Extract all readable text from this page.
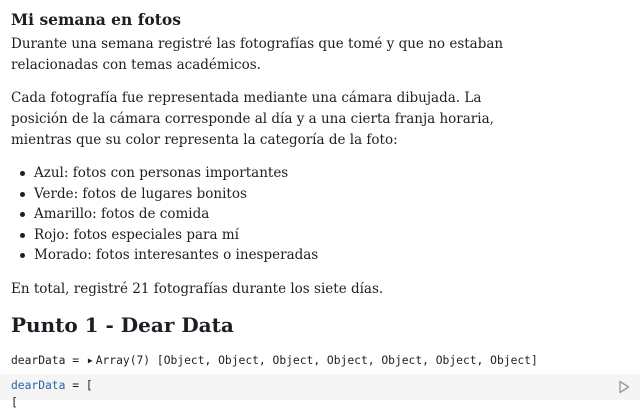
Mi semana en fotos

Durante una semana registré las fotografías que tomé y que no estaban relacionadas con temas académicos.

Cada fotografía fue representada mediante una cámara dibujada. La posición de la cámara corresponde al día y a una cierta franja horaria, mientras que su color representa la categoría de la foto:

Azul: fotos con personas importantes
Verde: fotos de lugares bonitos
Amarillo: fotos de comida
Rojo: fotos especiales para mí
Morado: fotos interesantes o inesperadas

En total, registré 21 fotografías durante los siete días.

Punto 1 - Dear Data
dearData = ▶ Array(7) [Object, Object, Object, Object, Object, Object, Object]
dearData = [
[
